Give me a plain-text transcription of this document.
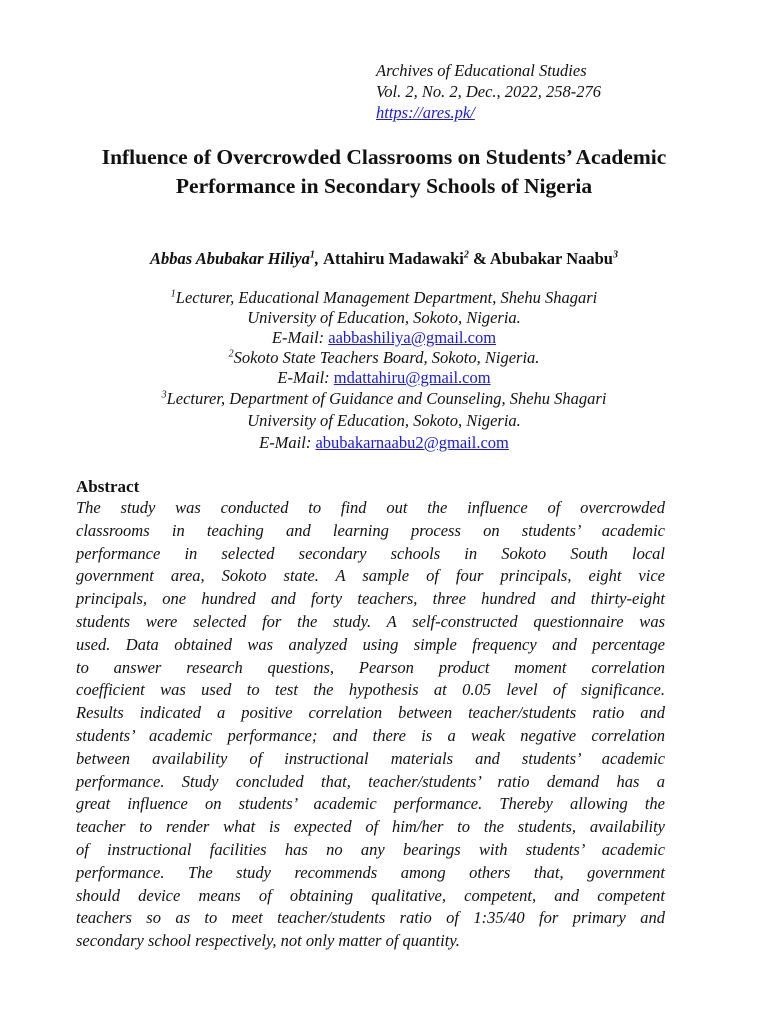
Archives of Educational Studies
Vol. 2, No. 2, Dec., 2022, 258-276
https://ares.pk/
Influence of Overcrowded Classrooms on Students’ Academic Performance in Secondary Schools of Nigeria
Abbas Abubakar Hiliya$^1$, Attahiru Madawaki$^2$ & Abubakar Naabu$^3$
$^1$Lecturer, Educational Management Department, Shehu Shagari
University of Education, Sokoto, Nigeria.
E-Mail: aabbashiliya@gmail.com
$^2$Sokoto State Teachers Board, Sokoto, Nigeria.
E-Mail: mdattahiru@gmail.com
$^3$Lecturer, Department of Guidance and Counseling, Shehu Shagari
University of Education, Sokoto, Nigeria.
E-Mail: abubakarnaabu2@gmail.com
Abstract
The study was conducted to find out the influence of overcrowded
classrooms in teaching and learning process on students’ academic
performance in selected secondary schools in Sokoto South local
government area, Sokoto state. A sample of four principals, eight vice
principals, one hundred and forty teachers, three hundred and thirty-eight
students were selected for the study. A self-constructed questionnaire was
used. Data obtained was analyzed using simple frequency and percentage
to answer research questions, Pearson product moment correlation
coefficient was used to test the hypothesis at 0.05 level of significance.
Results indicated a positive correlation between teacher/students ratio and
students’ academic performance; and there is a weak negative correlation
between availability of instructional materials and students’ academic
performance. Study concluded that, teacher/students’ ratio demand has a
great influence on students’ academic performance. Thereby allowing the
teacher to render what is expected of him/her to the students, availability
of instructional facilities has no any bearings with students’ academic
performance. The study recommends among others that, government
should device means of obtaining qualitative, competent, and competent
teachers so as to meet teacher/students ratio of 1:35/40 for primary and
secondary school respectively, not only matter of quantity.
